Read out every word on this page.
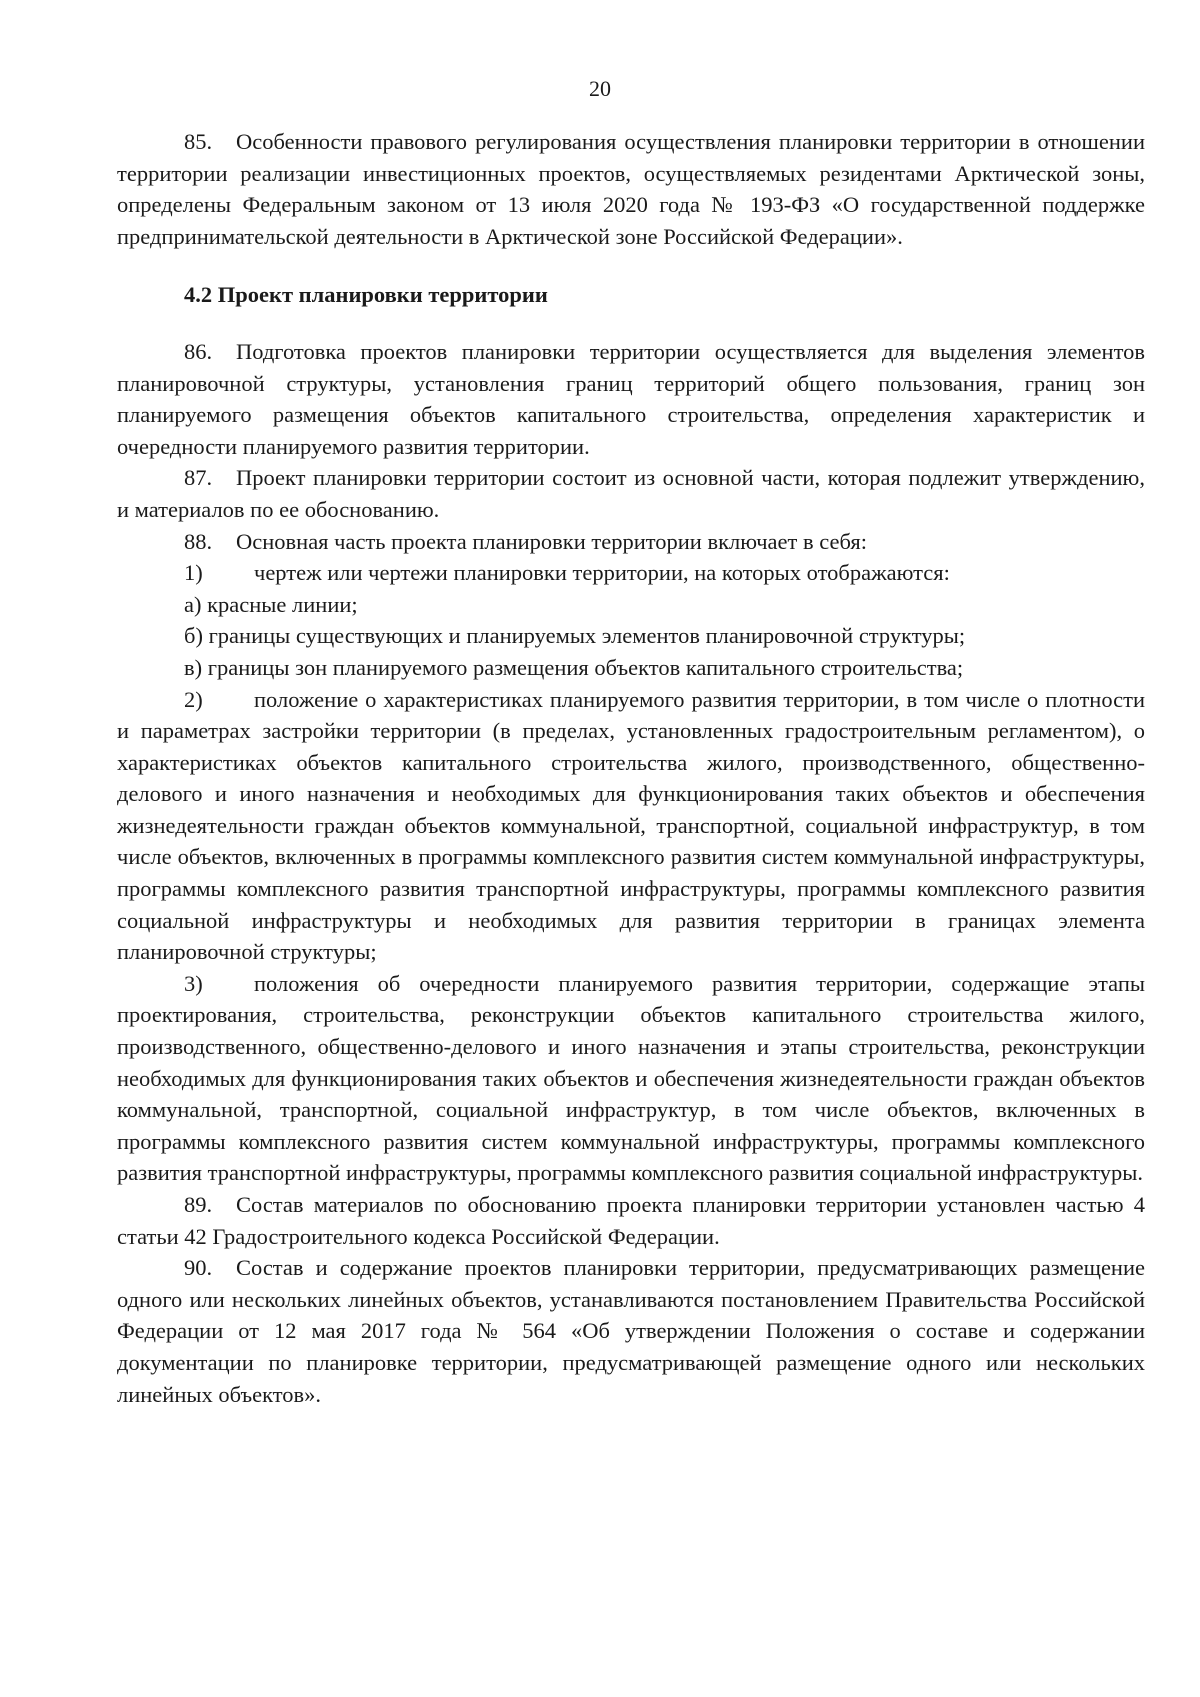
20

85. Особенности правового регулирования осуществления планировки территории в отношении территории реализации инвестиционных проектов, осуществляемых резидентами Арктической зоны, определены Федеральным законом от 13 июля 2020 года № 193-ФЗ «О государственной поддержке предпринимательской деятельности в Арктической зоне Российской Федерации».

4.2 Проект планировки территории

86. Подготовка проектов планировки территории осуществляется для выделения элементов планировочной структуры, установления границ территорий общего пользования, границ зон планируемого размещения объектов капитального строительства, определения характеристик и очередности планируемого развития территории.

87. Проект планировки территории состоит из основной части, которая подлежит утверждению, и материалов по ее обоснованию.

88. Основная часть проекта планировки территории включает в себя:

1) чертеж или чертежи планировки территории, на которых отображаются:

а) красные линии;

б) границы существующих и планируемых элементов планировочной структуры;

в) границы зон планируемого размещения объектов капитального строительства;

2) положение о характеристиках планируемого развития территории, в том числе о плотности и параметрах застройки территории (в пределах, установленных градостроительным регламентом), о характеристиках объектов капитального строительства жилого, производственного, общественно-делового и иного назначения и необходимых для функционирования таких объектов и обеспечения жизнедеятельности граждан объектов коммунальной, транспортной, социальной инфраструктур, в том числе объектов, включенных в программы комплексного развития систем коммунальной инфраструктуры, программы комплексного развития транспортной инфраструктуры, программы комплексного развития социальной инфраструктуры и необходимых для развития территории в границах элемента планировочной структуры;

3) положения об очередности планируемого развития территории, содержащие этапы проектирования, строительства, реконструкции объектов капитального строительства жилого, производственного, общественно-делового и иного назначения и этапы строительства, реконструкции необходимых для функционирования таких объектов и обеспечения жизнедеятельности граждан объектов коммунальной, транспортной, социальной инфраструктур, в том числе объектов, включенных в программы комплексного развития систем коммунальной инфраструктуры, программы комплексного развития транспортной инфраструктуры, программы комплексного развития социальной инфраструктуры.

89. Состав материалов по обоснованию проекта планировки территории установлен частью 4 статьи 42 Градостроительного кодекса Российской Федерации.

90. Состав и содержание проектов планировки территории, предусматривающих размещение одного или нескольких линейных объектов, устанавливаются постановлением Правительства Российской Федерации от 12 мая 2017 года № 564 «Об утверждении Положения о составе и содержании документации по планировке территории, предусматривающей размещение одного или нескольких линейных объектов».
